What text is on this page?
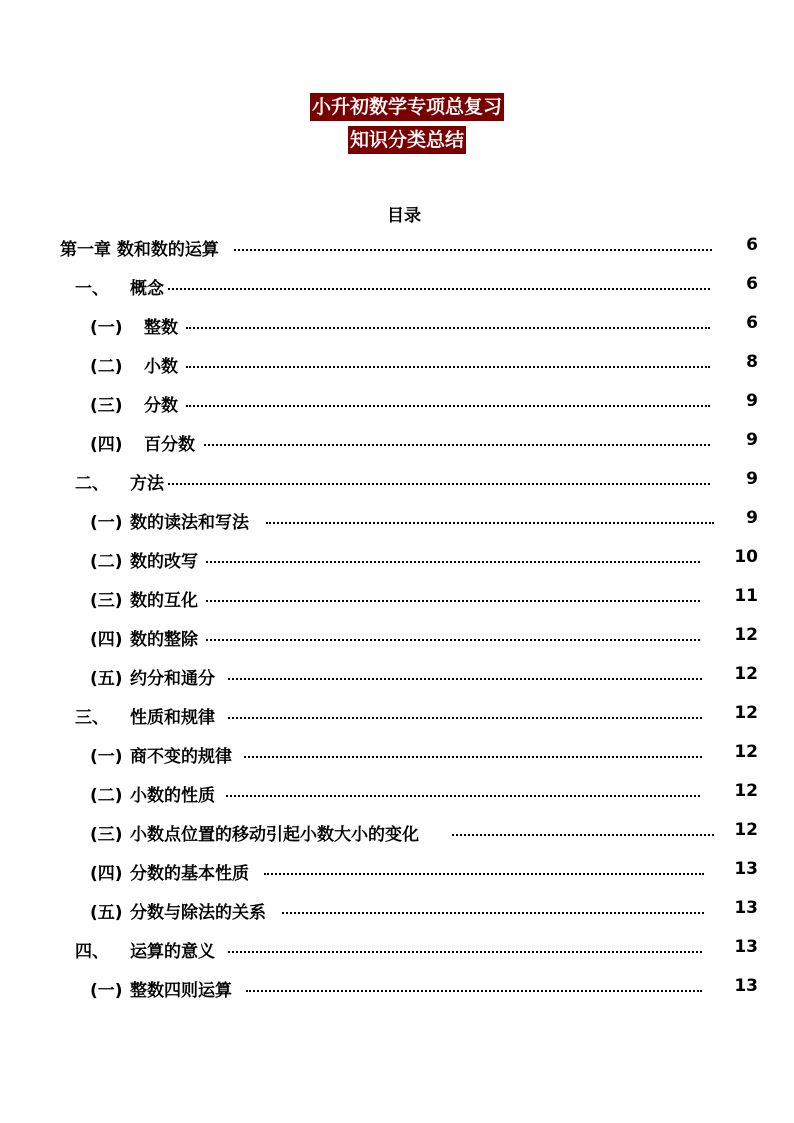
小升初数学专项总复习
知识分类总结
目录
第一章 数和数的运算	6
一、 概念	6
(一) 整数	6
(二) 小数	8
(三) 分数	9
(四) 百分数	9
二、 方法	9
(一) 数的读法和写法	9
(二) 数的改写	10
(三) 数的互化	11
(四) 数的整除	12
(五) 约分和通分	12
三、 性质和规律	12
(一) 商不变的规律	12
(二) 小数的性质	12
(三) 小数点位置的移动引起小数大小的变化	12
(四) 分数的基本性质	13
(五) 分数与除法的关系	13
四、 运算的意义	13
(一) 整数四则运算	13
